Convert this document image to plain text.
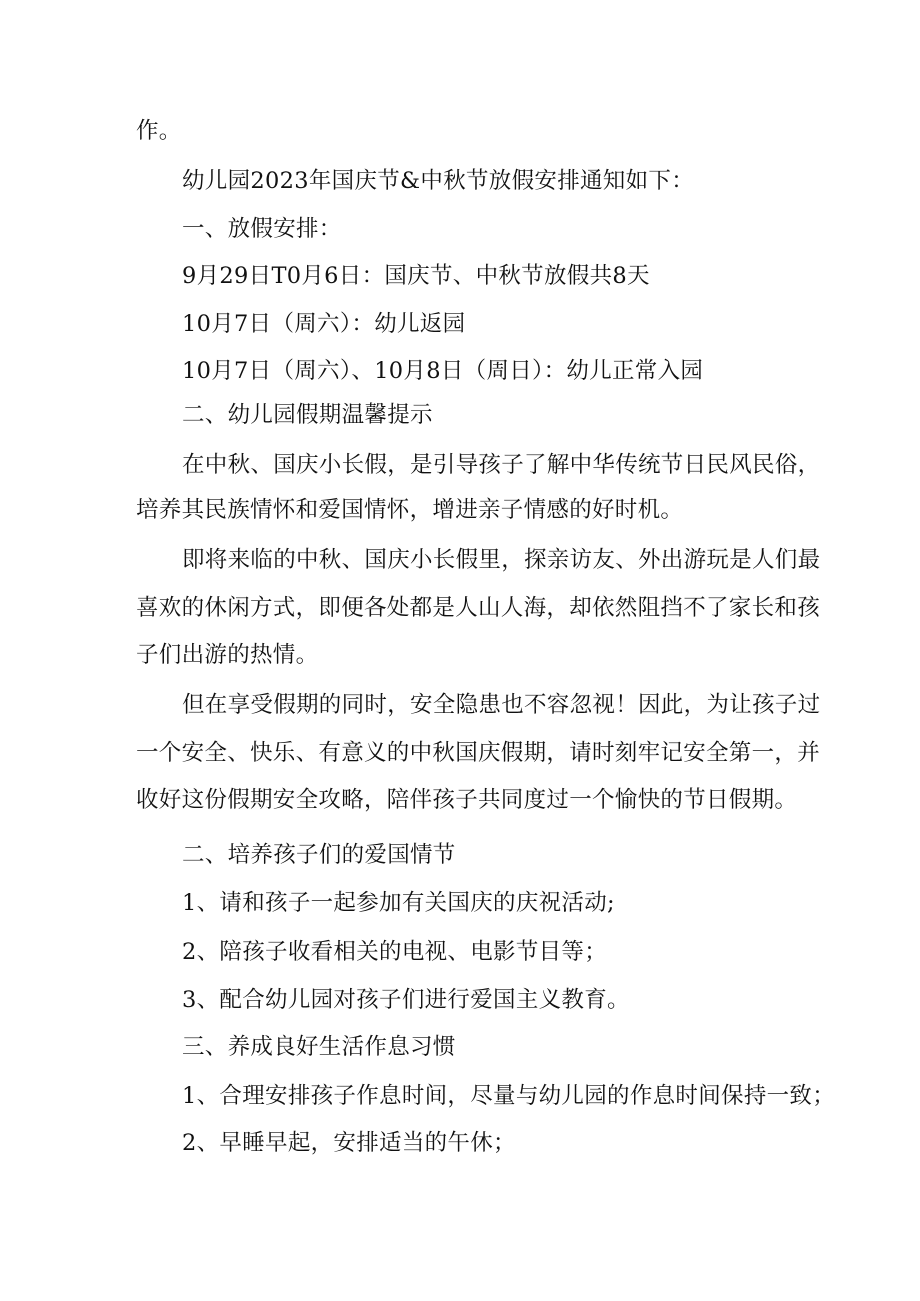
作。

幼儿园2023年国庆节&中秋节放假安排通知如下：

一、放假安排：

9月29日T0月6日：国庆节、中秋节放假共8天

10月7日（周六）：幼儿返园

10月7日（周六）、10月8日（周日）：幼儿正常入园

二、幼儿园假期温馨提示

在中秋、国庆小长假，是引导孩子了解中华传统节日民风民俗，

培养其民族情怀和爱国情怀，增进亲子情感的好时机。

即将来临的中秋、国庆小长假里，探亲访友、外出游玩是人们最

喜欢的休闲方式，即便各处都是人山人海，却依然阻挡不了家长和孩

子们出游的热情。

但在享受假期的同时，安全隐患也不容忽视！因此，为让孩子过

一个安全、快乐、有意义的中秋国庆假期，请时刻牢记安全第一，并

收好这份假期安全攻略，陪伴孩子共同度过一个愉快的节日假期。

二、培养孩子们的爱国情节

1、请和孩子一起参加有关国庆的庆祝活动;

2、陪孩子收看相关的电视、电影节目等；

3、配合幼儿园对孩子们进行爱国主义教育。

三、养成良好生活作息习惯

1、合理安排孩子作息时间，尽量与幼儿园的作息时间保持一致；

2、早睡早起，安排适当的午休；
